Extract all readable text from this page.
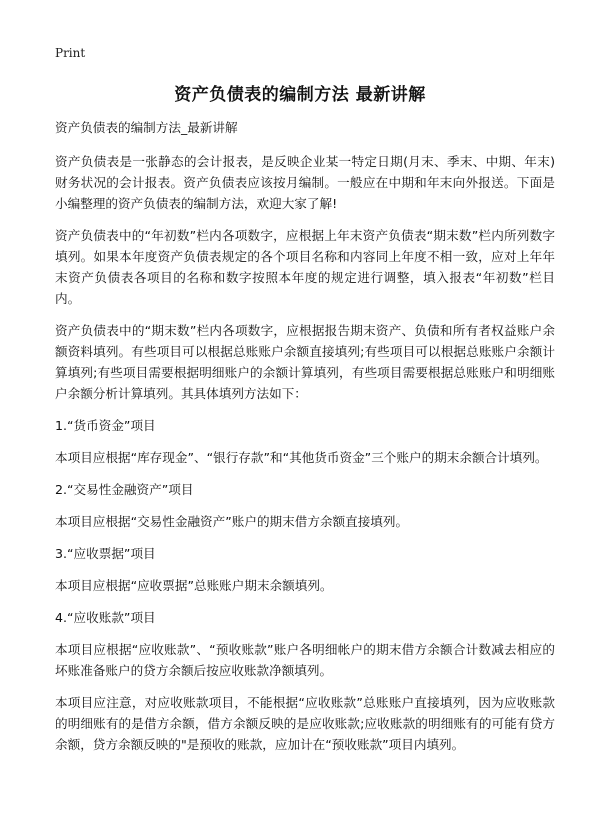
Print
资产负债表的编制方法 最新讲解

资产负债表的编制方法_最新讲解

资产负债表是一张静态的会计报表，是反映企业某一特定日期(月末、季末、中期、年末)财务状况的会计报表。资产负债表应该按月编制。一般应在中期和年末向外报送。下面是小编整理的资产负债表的编制方法，欢迎大家了解!

资产负债表中的“年初数”栏内各项数字，应根据上年末资产负债表“期末数”栏内所列数字填列。如果本年度资产负债表规定的各个项目名称和内容同上年度不相一致，应对上年年末资产负债表各项目的名称和数字按照本年度的规定进行调整，填入报表“年初数”栏目内。

资产负债表中的“期末数”栏内各项数字，应根据报告期末资产、负债和所有者权益账户余额资料填列。有些项目可以根据总账账户余额直接填列;有些项目可以根据总账账户余额计算填列;有些项目需要根据明细账户的余额计算填列，有些项目需要根据总账账户和明细账户余额分析计算填列。其具体填列方法如下：

1.“货币资金”项目

本项目应根据“库存现金”、“银行存款”和“其他货币资金”三个账户的期末余额合计填列。

2.“交易性金融资产”项目

本项目应根据“交易性金融资产”账户的期末借方余额直接填列。

3.“应收票据”项目

本项目应根据“应收票据”总账账户期末余额填列。

4.“应收账款”项目

本项目应根据“应收账款”、“预收账款”账户各明细帐户的期末借方余额合计数减去相应的坏账准备账户的贷方余额后按应收账款净额填列。

本项目应注意，对应收账款项目，不能根据“应收账款”总账账户直接填列，因为应收账款的明细账有的是借方余额，借方余额反映的是应收账款;应收账款的明细账有的可能有贷方余额，贷方余额反映的"是预收的账款，应加计在“预收账款”项目内填列。
